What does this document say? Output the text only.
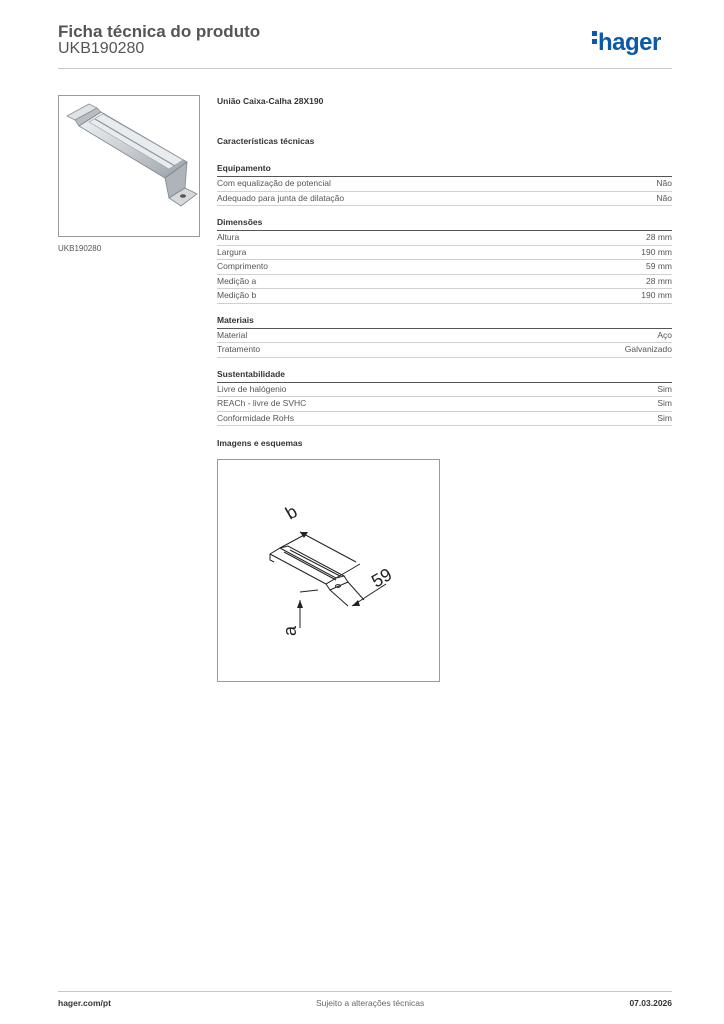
Ficha técnica do produto
UKB190280	hager
UKB190280
União Caixa-Calha 28X190
Características técnicas
Equipamento
Com equalização de potencial	Não
Adequado para junta de dilatação	Não
Dimensões
Altura	28 mm
Largura	190 mm
Comprimento	59 mm
Medição a	28 mm
Medição b	190 mm
Materiais
Material	Aço
Tratamento	Galvanizado
Sustentabilidade
Livre de halógenio	Sim
REACh - livre de SVHC	Sim
Conformidade RoHs	Sim
Imagens e esquemas
b
59
a
hager.com/pt	Sujeito a alterações técnicas	07.03.2026
